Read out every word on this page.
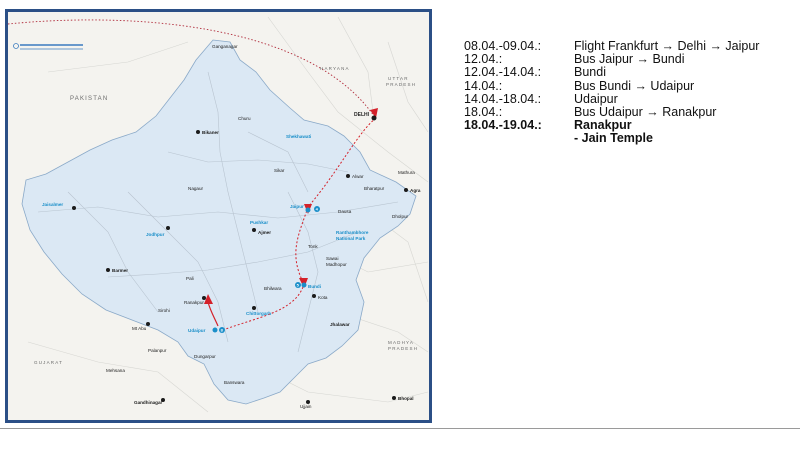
PAKISTAN
HARYANA
UTTAR
PRADESH
GUJARAT
MADHYA
PRADESH
DELHI
Jaipur
Bundi
Udaipur
Ranakpur
Jodhpur
Jaisalmer
Bikaner
Pushkar
Ajmer
Agra
Alwar
Kota
Chittorgarh
Shekhawati
Ranthambhore
National Park
Barmer
Ujjain
Bhopal
Gandhinagar
Mt Abu
Tonk
Dausa
Bharatpur
Mathura
Dholpur
Ganganagar
Sikar
Nagaur
Bhilwara
Banswara
Jhalawar
Sawai
Madhopur
Churu
Pali
Dungarpur
Sirohi
Palanpur
Mehsana
4
5
8
08.04.-09.04.:	Flight Frankfurt → Delhi → Jaipur
12.04.:	Bus Jaipur → Bundi
12.04.-14.04.:	Bundi
14.04.:	Bus Bundi → Udaipur
14.04.-18.04.:	Udaipur
18.04.:	Bus Udaipur → Ranakpur
18.04.-19.04.:	Ranakpur
- Jain Temple
